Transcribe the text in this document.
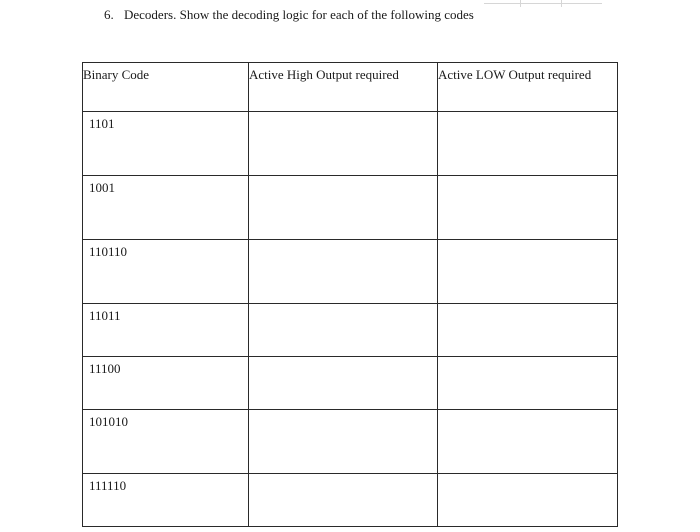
6. Decoders. Show the decoding logic for each of the following codes
Binary Code	Active High Output required	Active LOW Output required
1101		
1001		
110110		
11011		
11100		
101010		
111110		
